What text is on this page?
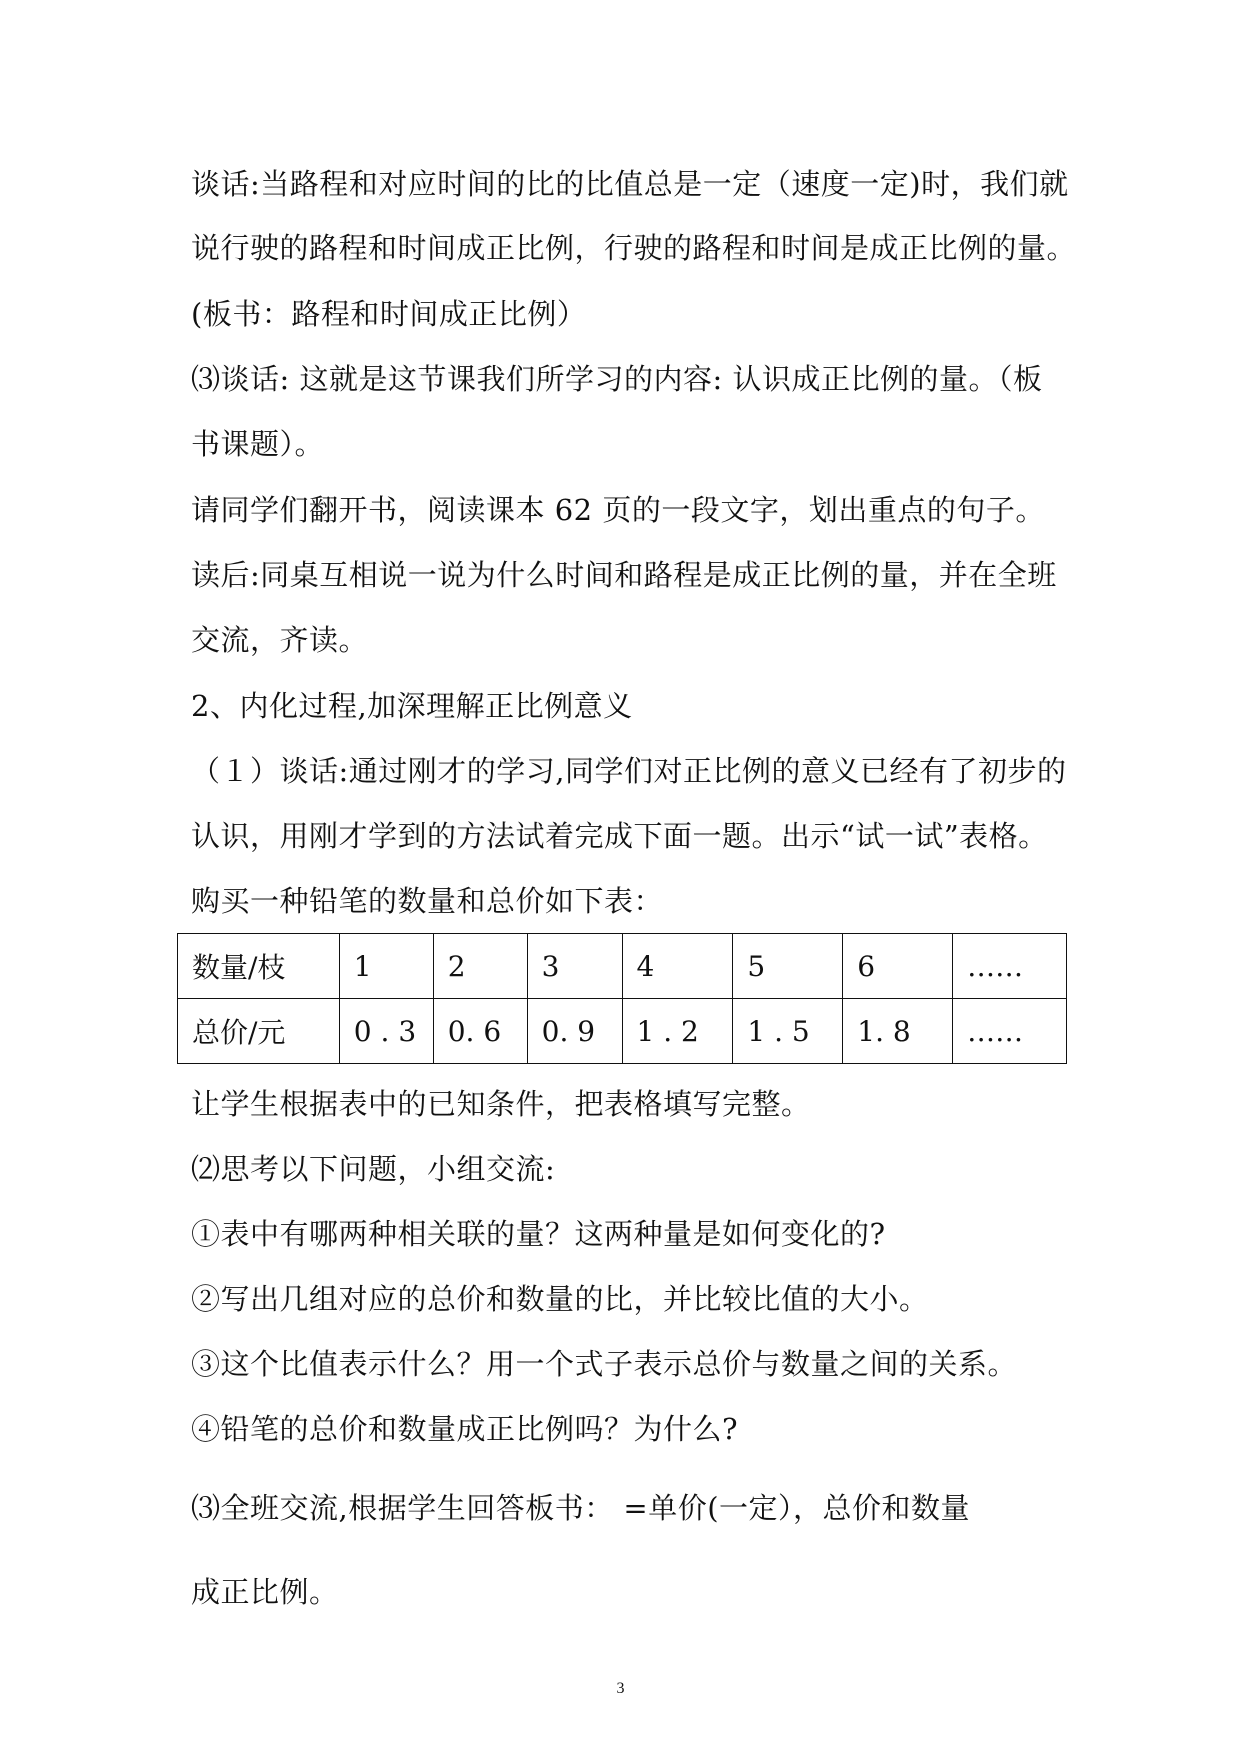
谈话:当路程和对应时间的比的比值总是一定（速度一定)时，我们就
说行驶的路程和时间成正比例，行驶的路程和时间是成正比例的量。
(板书：路程和时间成正比例）
⑶谈话: 这就是这节课我们所学习的内容: 认识成正比例的量。（板
书课题）。
请同学们翻开书，阅读课本 62 页的一段文字，划出重点的句子。
读后:同桌互相说一说为什么时间和路程是成正比例的量，并在全班
交流，齐读。
2、内化过程,加深理解正比例意义
（１）谈话:通过刚才的学习,同学们对正比例的意义已经有了初步的
认识，用刚才学到的方法试着完成下面一题。出示“试一试”表格。
购买一种铅笔的数量和总价如下表：
数量/枝	1	2	3	4	5	6	……
总价/元	0 . 3	0. 6	0. 9	1 . 2	1 . 5	1. 8	……
让学生根据表中的已知条件，把表格填写完整。
⑵思考以下问题，小组交流:
①表中有哪两种相关联的量？这两种量是如何变化的?
②写出几组对应的总价和数量的比，并比较比值的大小。
③这个比值表示什么？用一个式子表示总价与数量之间的关系。
④铅笔的总价和数量成正比例吗？为什么?
⑶全班交流,根据学生回答板书： =单价(一定），总价和数量
成正比例。
3
